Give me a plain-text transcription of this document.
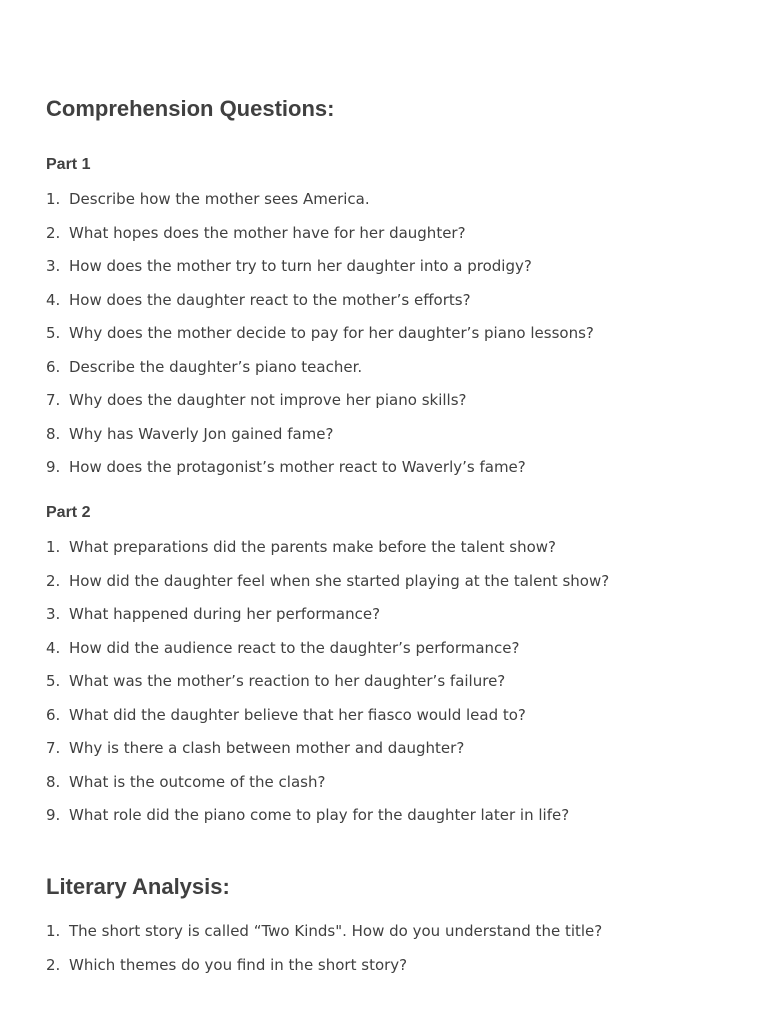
Comprehension Questions:
Part 1
1. Describe how the mother sees America.
2. What hopes does the mother have for her daughter?
3. How does the mother try to turn her daughter into a prodigy?
4. How does the daughter react to the mother’s efforts?
5. Why does the mother decide to pay for her daughter’s piano lessons?
6. Describe the daughter’s piano teacher.
7. Why does the daughter not improve her piano skills?
8. Why has Waverly Jon gained fame?
9. How does the protagonist’s mother react to Waverly’s fame?
Part 2
1. What preparations did the parents make before the talent show?
2. How did the daughter feel when she started playing at the talent show?
3. What happened during her performance?
4. How did the audience react to the daughter’s performance?
5. What was the mother’s reaction to her daughter’s failure?
6. What did the daughter believe that her fiasco would lead to?
7. Why is there a clash between mother and daughter?
8. What is the outcome of the clash?
9. What role did the piano come to play for the daughter later in life?
Literary Analysis:
1. The short story is called “Two Kinds". How do you understand the title?
2. Which themes do you find in the short story?
